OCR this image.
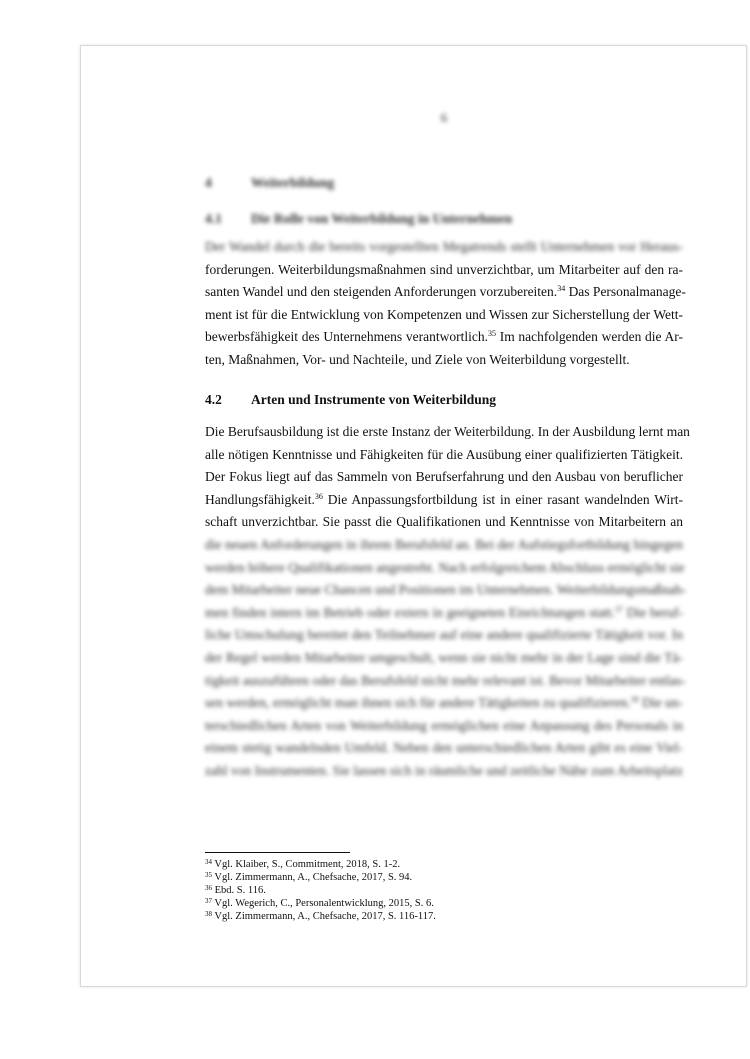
6
4	Weiterbildung
4.1 Die Rolle von Weiterbildung in Unternehmen
Der Wandel durch die bereits vorgestellten Megatrends stellt Unternehmen vor Heraus-
forderungen. Weiterbildungsmaßnahmen sind unverzichtbar, um Mitarbeiter auf den ra-
santen Wandel und den steigenden Anforderungen vorzubereiten.$^{34}$ Das Personalmanage-
ment ist für die Entwicklung von Kompetenzen und Wissen zur Sicherstellung der Wett-
bewerbsfähigkeit des Unternehmens verantwortlich.$^{35}$ Im nachfolgenden werden die Ar-
ten, Maßnahmen, Vor- und Nachteile, und Ziele von Weiterbildung vorgestellt.
4.2 Arten und Instrumente von Weiterbildung
Die Berufsausbildung ist die erste Instanz der Weiterbildung. In der Ausbildung lernt man
alle nötigen Kenntnisse und Fähigkeiten für die Ausübung einer qualifizierten Tätigkeit.
Der Fokus liegt auf das Sammeln von Berufserfahrung und den Ausbau von beruflicher
Handlungsfähigkeit.$^{36}$ Die Anpassungsfortbildung ist in einer rasant wandelnden Wirt-
schaft unverzichtbar. Sie passt die Qualifikationen und Kenntnisse von Mitarbeitern an
die neuen Anforderungen in ihrem Berufsfeld an. Bei der Aufstiegsfortbildung hingegen
werden höhere Qualifikationen angestrebt. Nach erfolgreichem Abschluss ermöglicht sie
dem Mitarbeiter neue Chancen und Positionen im Unternehmen. Weiterbildungsmaßnah-
men finden intern im Betrieb oder extern in geeigneten Einrichtungen statt.$^{37}$ Die beruf-
liche Umschulung bereitet den Teilnehmer auf eine andere qualifizierte Tätigkeit vor. In
der Regel werden Mitarbeiter umgeschult, wenn sie nicht mehr in der Lage sind die Tä-
tigkeit auszuführen oder das Berufsfeld nicht mehr relevant ist. Bevor Mitarbeiter entlas-
sen werden, ermöglicht man ihnen sich für andere Tätigkeiten zu qualifizieren.$^{38}$ Die un-
terschiedlichen Arten von Weiterbildung ermöglichen eine Anpassung des Personals in
einem stetig wandelnden Umfeld. Neben den unterschiedlichen Arten gibt es eine Viel-
zahl von Instrumenten. Sie lassen sich in räumliche und zeitliche Nähe zum Arbeitsplatz
$^{34}$ Vgl. Klaiber, S., Commitment, 2018, S. 1-2.
$^{35}$ Vgl. Zimmermann, A., Chefsache, 2017, S. 94.
$^{36}$ Ebd. S. 116.
$^{37}$ Vgl. Wegerich, C., Personalentwicklung, 2015, S. 6.
$^{38}$ Vgl. Zimmermann, A., Chefsache, 2017, S. 116-117.
